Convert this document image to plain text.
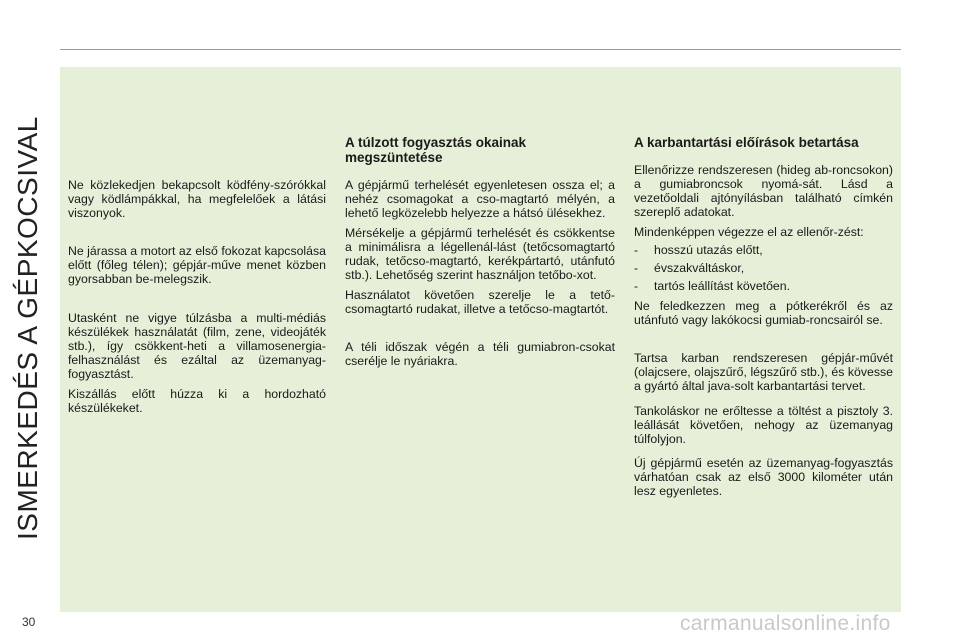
ISMERKEDÉS A GÉPKOCSIVAL
30

Ne közlekedjen bekapcsolt ködfény-szórókkal vagy ködlámpákkal, ha megfelelőek a látási viszonyok.

Ne járassa a motort az első fokozat kapcsolása előtt (főleg télen); gépjár-műve menet közben gyorsabban be-melegszik.

Utasként ne vigye túlzásba a multi-médiás készülékek használatát (film, zene, videojáték stb.), így csökkent-heti a villamosenergia-felhasználást és ezáltal az üzemanyag-fogyasztást.

Kiszállás előtt húzza ki a hordozható készülékeket.

A túlzott fogyasztás okainak megszüntetése

A gépjármű terhelését egyenletesen ossza el; a nehéz csomagokat a cso-magtartó mélyén, a lehető legközelebb helyezze a hátsó ülésekhez.

Mérsékelje a gépjármű terhelését és csökkentse a minimálisra a légellenál-lást (tetőcsomagtartó rudak, tetőcso-magtartó, kerékpártartó, utánfutó stb.). Lehetőség szerint használjon tetőbo-xot.

Használatot követően szerelje le a tető-csomagtartó rudakat, illetve a tetőcso-magtartót.

A téli időszak végén a téli gumiabron-csokat cserélje le nyáriakra.

A karbantartási előírások betartása

Ellenőrizze rendszeresen (hideg ab-roncsokon) a gumiabroncsok nyomá-sát. Lásd a vezetőoldali ajtónyílásban található címkén szereplő adatokat.

Mindenképpen végezze el az ellenőr-zést:

- hosszú utazás előtt,
- évszakváltáskor,
- tartós leállítást követően.

Ne feledkezzen meg a pótkerékről és az utánfutó vagy lakókocsi gumiab-roncsairól se.

Tartsa karban rendszeresen gépjár-művét (olajcsere, olajszűrő, légszűrő stb.), és kövesse a gyártó által java-solt karbantartási tervet.

Tankoláskor ne erőltesse a töltést a pisztoly 3. leállását követően, nehogy az üzemanyag túlfolyjon.

Új gépjármű esetén az üzemanyag-fogyasztás várhatóan csak az első 3000 kilométer után lesz egyenletes.

carmanualsonline.info
